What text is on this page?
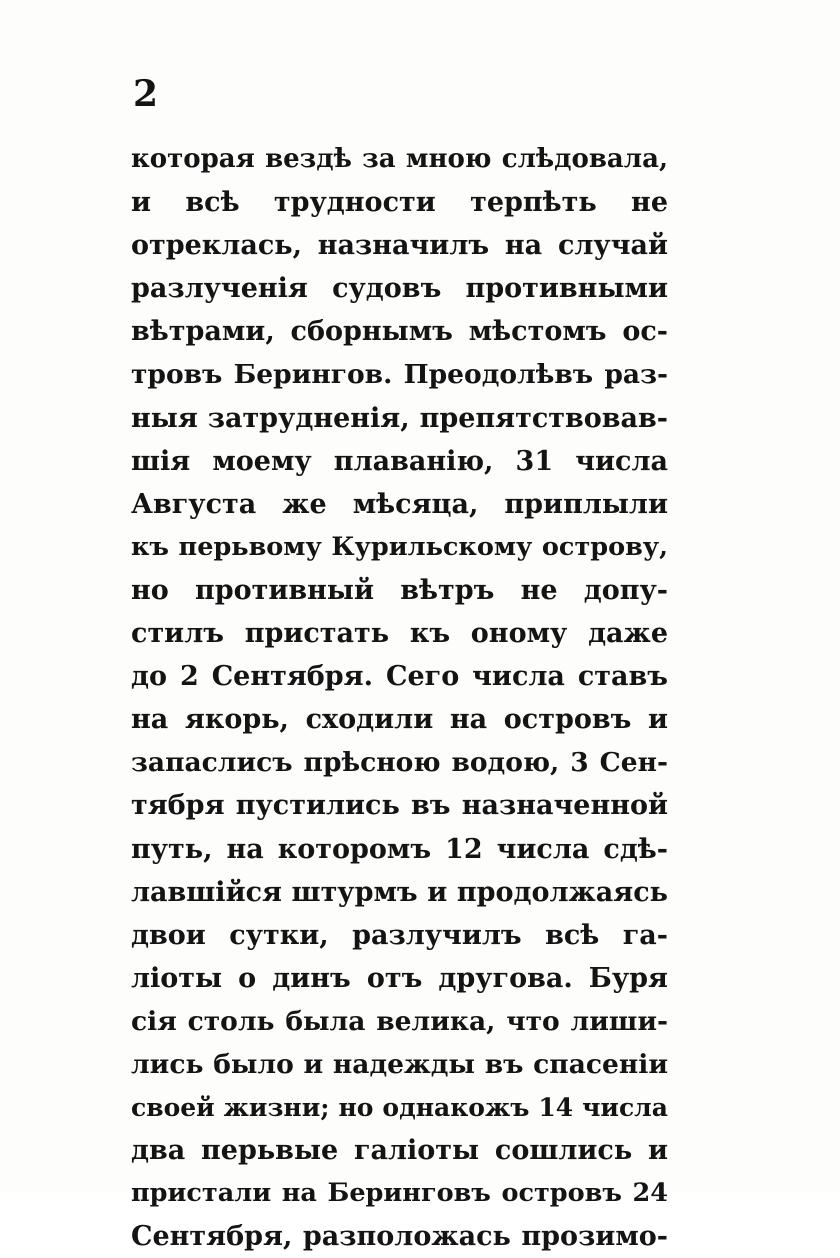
2
которая вездѣ за мною слѣдовала,
и всѣ трудности терпѣть не
отреклась, назначилъ на случай
разлученія судовъ противными
вѣтрами, сборнымъ мѣстомъ ос-
тровъ Берингов. Преодолѣвъ раз-
ныя затрудненія, препятствовав-
шія моему плаванію, 31 числа
Августа же мѣсяца, приплыли
къ перьвому Курильскому острову,
но противный вѣтръ не допу-
стилъ пристать къ оному даже
до 2 Сентября. Сего числа ставъ
на якорь, сходили на островъ и
запаслисъ прѣсною водою, 3 Сен-
тября пустились въ назначенной
путь, на которомъ 12 числа сдѣ-
лавшійся штурмъ и продолжаясь
двои сутки, разлучилъ всѣ га-
ліоты о динъ отъ другова. Буря
сія столь была велика, что лиши-
лись было и надежды въ спасеніи
своей жизни; но однакожъ 14 числа
два перьвые галіоты сошлись и
пристали на Беринговъ островъ 24
Сентября, разположась прозимо-
